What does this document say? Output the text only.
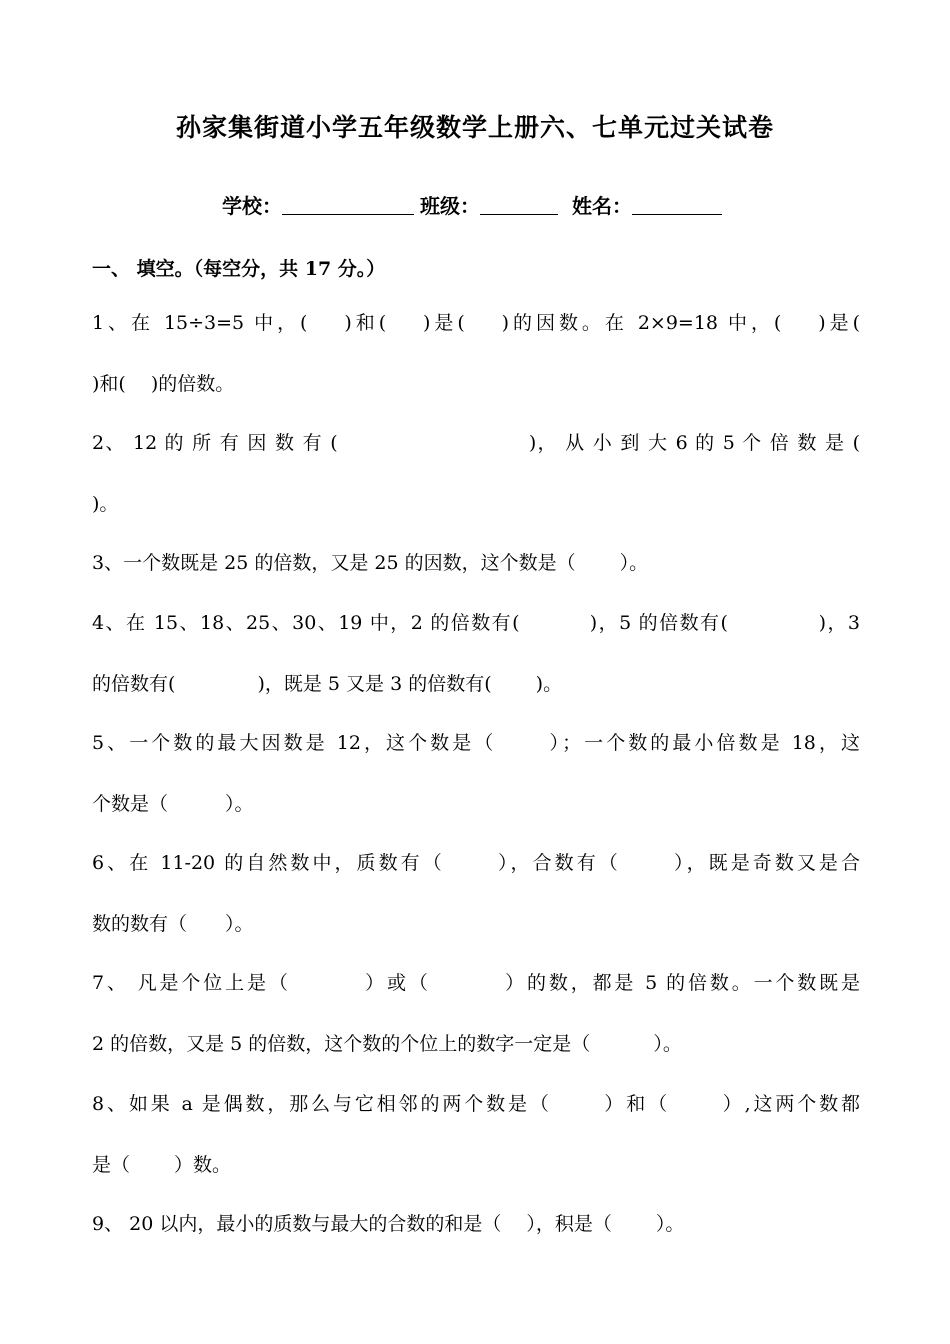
孙家集街道小学五年级数学上册六、七单元过关试卷
学校：	班级：	姓名：
一、 填空。（每空分，共 17 分。）
1、在 15÷3=5 中，(　 )和(　 )是(　 )的因数。在 2×9=18 中，(　 )是(
)和(　 )的倍数。
2、 12 的 所 有 因 数 有 (　　　　　　　　　 )， 从 小 到 大 6 的 5 个 倍 数 是 (
)。
3、一个数既是 25 的倍数，又是 25 的因数，这个数是（　　 ）。
4、在 15、18、25、30、19 中，2 的倍数有(　　　 )，5 的倍数有(　　　　 )，3
的倍数有(　　　　 )，既是 5 又是 3 的倍数有(　　 )。
5、一个数的最大因数是 12，这个数是（　　 ）；一个数的最小倍数是 18，这
个数是（　　　）。
6、在 11-20 的自然数中，质数有（　　 ），合数有（　　 ），既是奇数又是合
数的数有（　　）。
7、 凡是个位上是（　　　 ）或（　　　 ）的数，都是 5 的倍数。一个数既是
2 的倍数，又是 5 的倍数，这个数的个位上的数字一定是（　　　 ）。
8、如果 a 是偶数，那么与它相邻的两个数是（　　 ）和（　　 ）,这两个数都
是（　　 ）数。
9、 20 以内，最小的质数与最大的合数的和是（　 ），积是（　　 ）。
